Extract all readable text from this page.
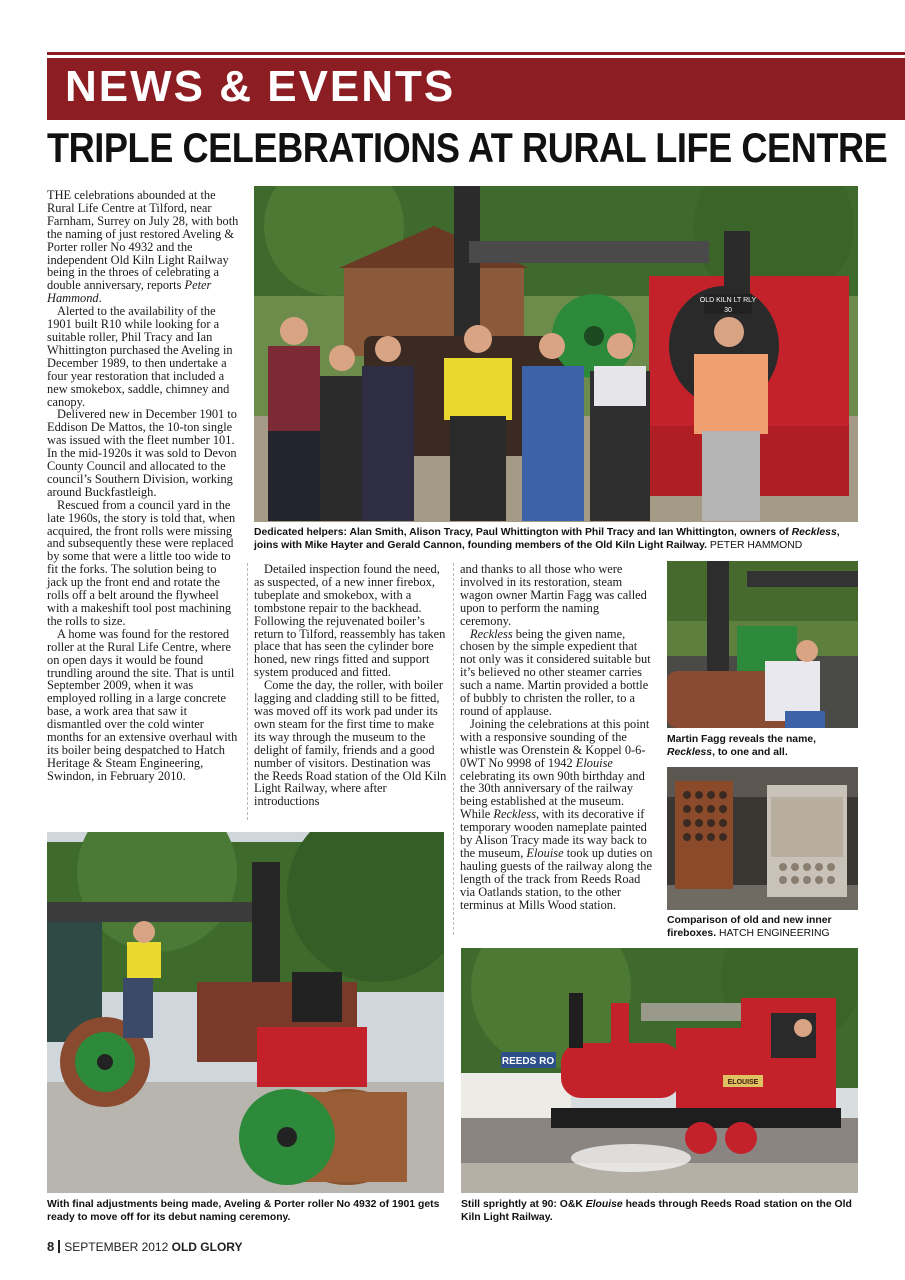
NEWS & EVENTS
TRIPLE CELEBRATIONS AT RURAL LIFE CENTRE

THE celebrations abounded at the Rural Life Centre at Tilford, near Farnham, Surrey on July 28, with both the naming of just restored Aveling & Porter roller No 4932 and the independent Old Kiln Light Railway being in the throes of celebrating a double anniversary, reports Peter Hammond.

Alerted to the availability of the 1901 built R10 while looking for a suitable roller, Phil Tracy and Ian Whittington purchased the Aveling in December 1989, to then undertake a four year restoration that included a new smokebox, saddle, chimney and canopy.

Delivered new in December 1901 to Eddison De Mattos, the 10-ton single was issued with the fleet number 101. In the mid-1920s it was sold to Devon County Council and allocated to the council’s Southern Division, working around Buckfastleigh.

Rescued from a council yard in the late 1960s, the story is told that, when acquired, the front rolls were missing and subsequently these were replaced by some that were a little too wide to fit the forks. The solution being to jack up the front end and rotate the rolls off a belt around the flywheel with a makeshift tool post machining the rolls to size.

A home was found for the restored roller at the Rural Life Centre, where on open days it would be found trundling around the site. That is until September 2009, when it was employed rolling in a large concrete base, a work area that saw it dismantled over the cold winter months for an extensive overhaul with its boiler being despatched to Hatch Heritage & Steam Engineering, Swindon, in February 2010.

Detailed inspection found the need, as suspected, of a new inner firebox, tubeplate and smokebox, with a tombstone repair to the backhead. Following the rejuvenated boiler’s return to Tilford, reassembly has taken place that has seen the cylinder bore honed, new rings fitted and support system produced and fitted.

Come the day, the roller, with boiler lagging and cladding still to be fitted, was moved off its work pad under its own steam for the first time to make its way through the museum to the delight of family, friends and a good number of visitors. Destination was the Reeds Road station of the Old Kiln Light Railway, where after introductions

and thanks to all those who were involved in its restoration, steam wagon owner Martin Fagg was called upon to perform the naming ceremony.

Reckless being the given name, chosen by the simple expedient that not only was it considered suitable but it’s believed no other steamer carries such a name. Martin provided a bottle of bubbly to christen the roller, to a round of applause.

Joining the celebrations at this point with a responsive sounding of the whistle was Orenstein & Koppel 0-6-0WT No 9998 of 1942 Elouise celebrating its own 90th birthday and the 30th anniversary of the railway being established at the museum. While Reckless, with its decorative if temporary wooden nameplate painted by Alison Tracy made its way back to the museum, Elouise took up duties on hauling guests of the railway along the length of the track from Reeds Road via Oatlands station, to the other terminus at Mills Wood station.

OLD KILN LT RLY
30
Dedicated helpers: Alan Smith, Alison Tracy, Paul Whittington with Phil Tracy and Ian Whittington, owners of Reckless, joins with Mike Hayter and Gerald Cannon, founding members of the Old Kiln Light Railway. PETER HAMMOND
Martin Fagg reveals the name, Reckless, to one and all.
Comparison of old and new inner fireboxes. HATCH ENGINEERING
With final adjustments being made, Aveling & Porter roller No 4932 of 1901 gets ready to move off for its debut naming ceremony.
REEDS RO
ELOUISE
Still sprightly at 90: O&K Elouise heads through Reeds Road station on the Old Kiln Light Railway.
8 SEPTEMBER 2012 OLD GLORY
